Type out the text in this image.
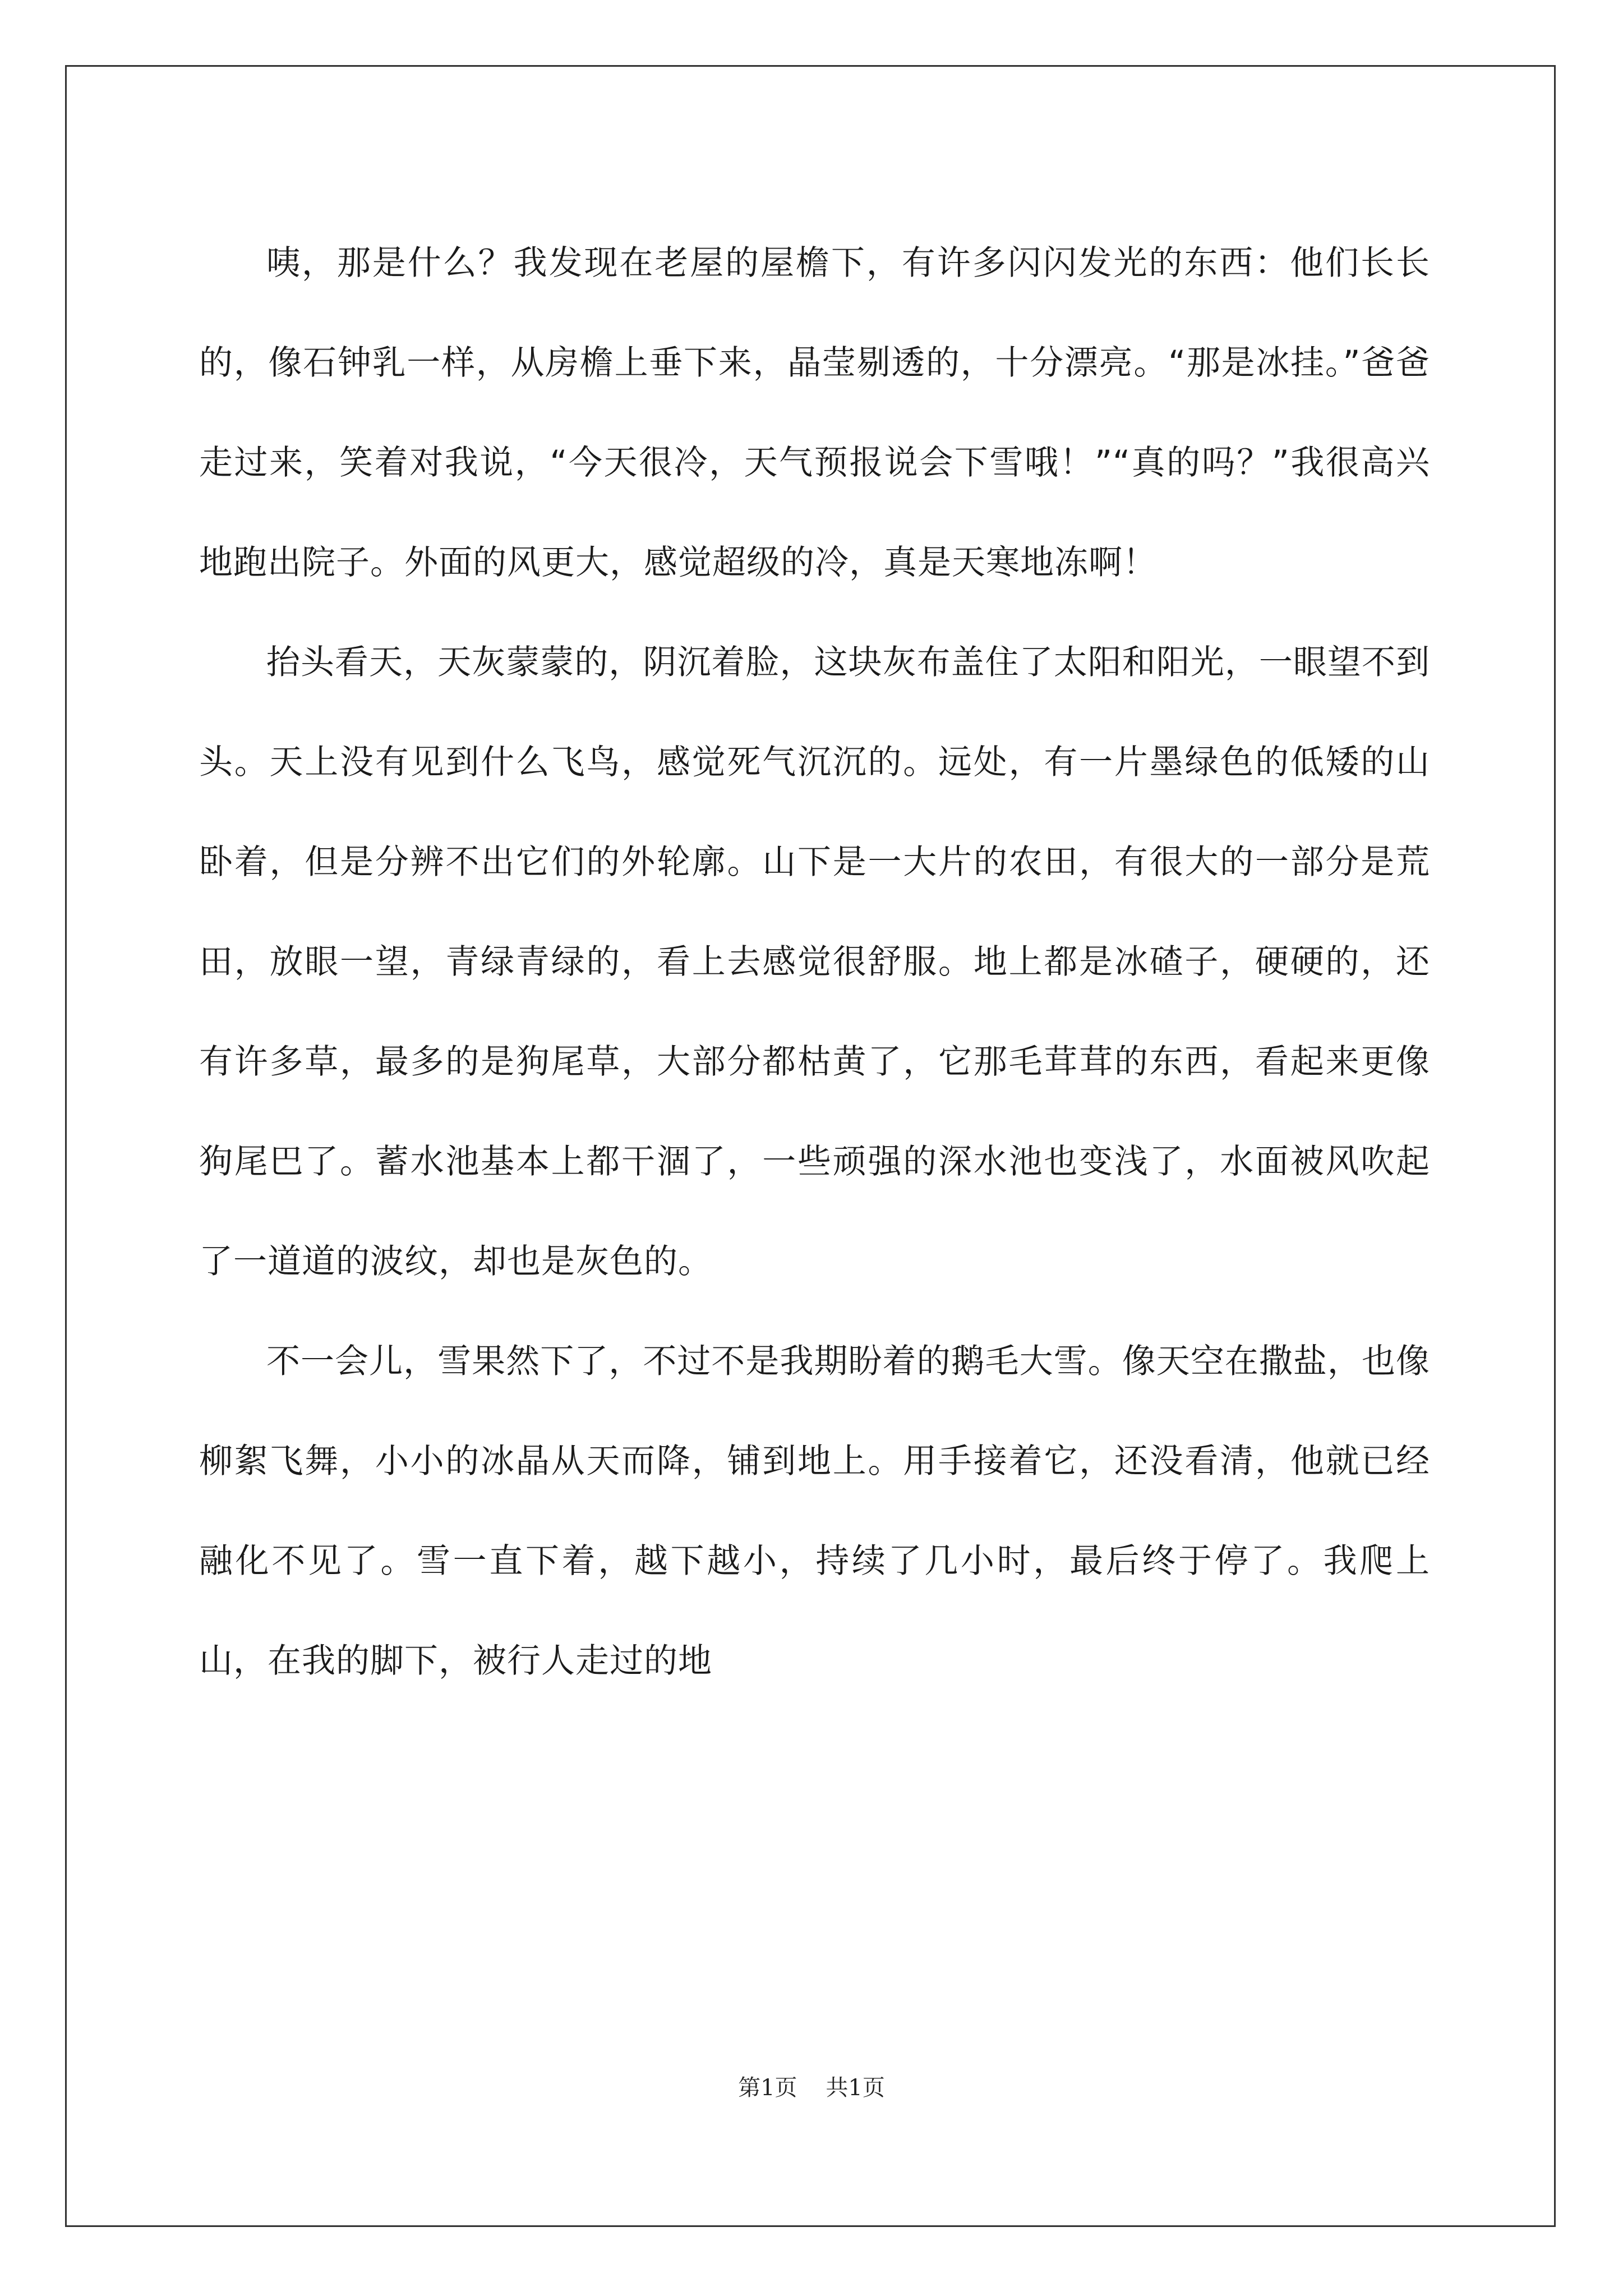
咦，那是什么？我发现在老屋的屋檐下，有许多闪闪发光的东西：他们长长的，像石钟乳一样，从房檐上垂下来，晶莹剔透的，十分漂亮。“那是冰挂。”爸爸走过来，笑着对我说，“今天很冷，天气预报说会下雪哦！”“真的吗？”我很高兴地跑出院子。外面的风更大，感觉超级的冷，真是天寒地冻啊！

抬头看天，天灰蒙蒙的，阴沉着脸，这块灰布盖住了太阳和阳光，一眼望不到头。天上没有见到什么飞鸟，感觉死气沉沉的。远处，有一片墨绿色的低矮的山卧着，但是分辨不出它们的外轮廓。山下是一大片的农田，有很大的一部分是荒田，放眼一望，青绿青绿的，看上去感觉很舒服。地上都是冰碴子，硬硬的，还有许多草，最多的是狗尾草，大部分都枯黄了，它那毛茸茸的东西，看起来更像狗尾巴了。蓄水池基本上都干涸了，一些顽强的深水池也变浅了，水面被风吹起了一道道的波纹，却也是灰色的。

不一会儿，雪果然下了，不过不是我期盼着的鹅毛大雪。像天空在撒盐，也像柳絮飞舞，小小的冰晶从天而降，铺到地上。用手接着它，还没看清，他就已经融化不见了。雪一直下着，越下越小，持续了几小时，最后终于停了。我爬上山，在我的脚下，被行人走过的地

第1页 共1页
